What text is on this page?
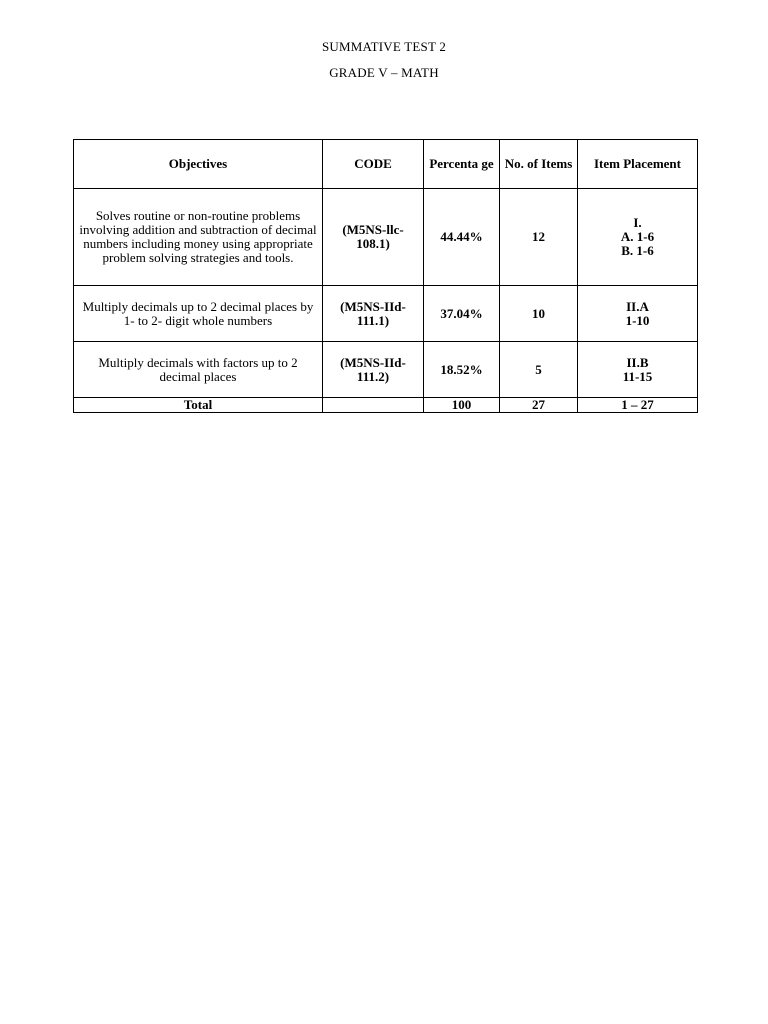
SUMMATIVE TEST 2
GRADE V – MATH
Objectives	CODE	Percenta ge	No. of Items	Item Placement
Solves routine or non-routine problems involving addition and subtraction of decimal numbers including money using appropriate problem solving strategies and tools.	(M5NS-llc-108.1)	44.44%	12	I.
A. 1-6
B. 1-6

Multiply decimals up to 2 decimal places by 1- to 2- digit whole numbers	(M5NS-IId-111.1)	37.04%	10	II.A
1-10

Multiply decimals with factors up to 2 decimal places	(M5NS-IId-111.2)	18.52%	5	II.B
11-15

Total		100	27	1 – 27
